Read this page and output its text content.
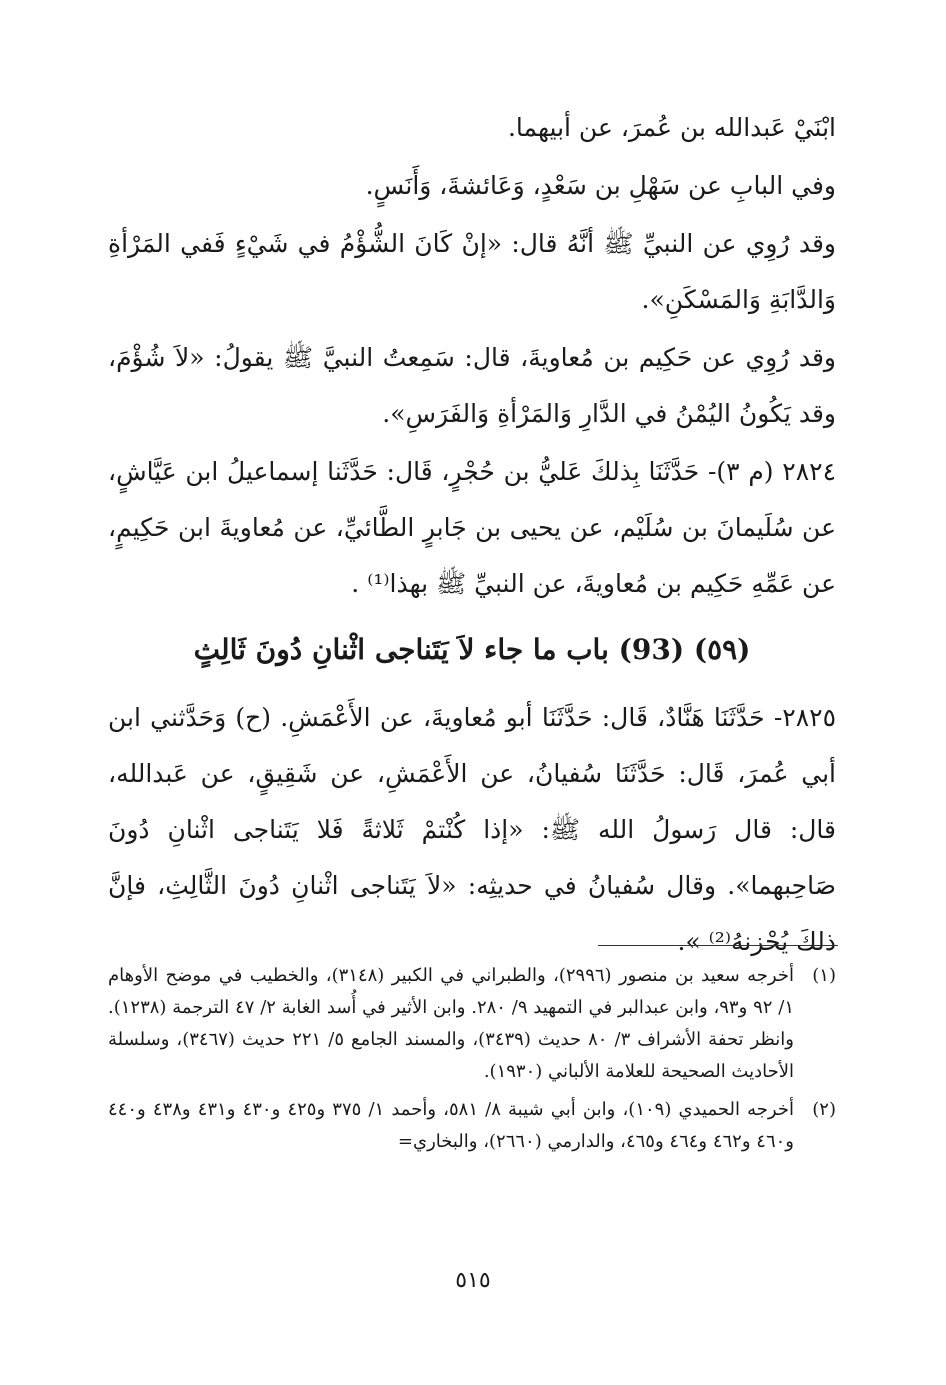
ابْنَيْ عَبدالله بن عُمرَ، عن أبيهما.

وفي البابِ عن سَهْلِ بن سَعْدٍ، وَعَائشةَ، وَأَنَسٍ.

وقد رُوِي عن النبيِّ ﷺ أنَّهُ قال: «إنْ كَانَ الشُّؤْمُ في شَيْءٍ فَفي المَرْأةِ وَالدَّابَةِ وَالمَسْكَنِ».

وقد رُوِي عن حَكِيم بن مُعاويةَ، قال: سَمِعتُ النبيَّ ﷺ يقولُ: «لاَ شُؤْمَ، وقد يَكُونُ اليُمْنُ في الدَّارِ وَالمَرْأةِ وَالفَرَسِ».

٢٨٢٤ (م ٣)- حَدَّثَنَا بِذلكَ عَليُّ بن حُجْرٍ، قَال: حَدَّثَنا إسماعيلُ ابن عَيَّاشٍ، عن سُلَيمانَ بن سُلَيْم، عن يحيى بن جَابرٍ الطَّائيِّ، عن مُعاويةَ ابن حَكِيمٍ، عن عَمِّهِ حَكِيم بن مُعاويةَ، عن النبيِّ ﷺ بهذا⁽¹⁾ .

(٥٩) (93) باب ما جاء لاَ يَتَناجى اثْنانِ دُونَ ثَالِثٍ

٢٨٢٥- حَدَّثَنَا هَنَّادٌ، قَال: حَدَّثَنَا أبو مُعاويةَ، عن الأَعْمَشِ. (ح) وَحَدَّثني ابن أبي عُمرَ، قَال: حَدَّثَنَا سُفيانُ، عن الأَعْمَشِ، عن شَقِيقٍ، عن عَبدالله، قال: قال رَسولُ الله ﷺ: «إذا كُنْتمْ ثَلاثةً فَلا يَتَناجى اثْنانِ دُونَ صَاحِبهما». وقال سُفيانُ في حديثِه: «لاَ يَتَناجى اثْنانِ دُونَ الثَّالِثِ، فإنَّ ذلكَ يُحْزنهُ⁽²⁾ ».

(١)
أخرجه سعيد بن منصور (٢٩٩٦)، والطبراني في الكبير (٣١٤٨)، والخطيب في موضح الأوهام ١/ ٩٢ و٩٣، وابن عبدالبر في التمهيد ٩/ ٢٨٠. وابن الأثير في أُسد الغابة ٢/ ٤٧ الترجمة (١٢٣٨). وانظر تحفة الأشراف ٣/ ٨٠ حديث (٣٤٣٩)، والمسند الجامع ٥/ ٢٢١ حديث (٣٤٦٧)، وسلسلة الأحاديث الصحيحة للعلامة الألباني (١٩٣٠).
(٢)
أخرجه الحميدي (١٠٩)، وابن أبي شيبة ٨/ ٥٨١، وأحمد ١/ ٣٧٥ و٤٢٥ و٤٣٠ و٤٣١ و٤٣٨ و٤٤٠ و٤٦٠ و٤٦٢ و٤٦٤ و٤٦٥، والدارمي (٢٦٦٠)، والبخاري=
٥١٥
